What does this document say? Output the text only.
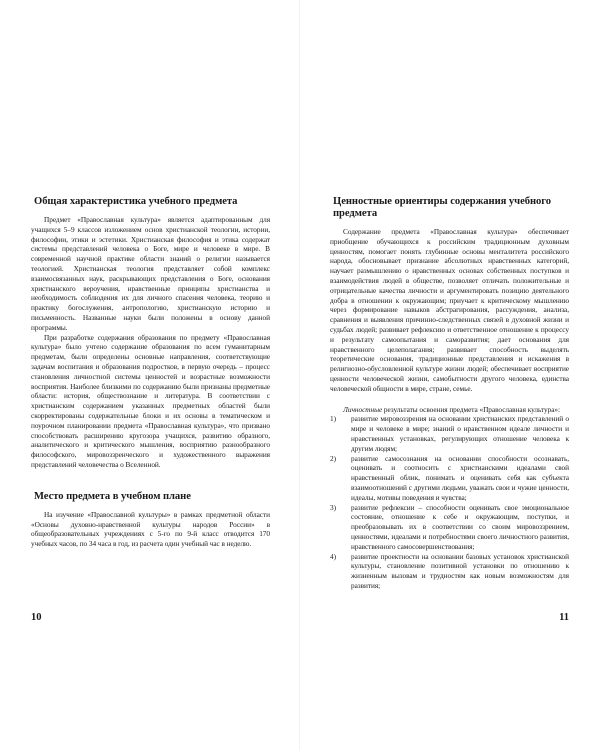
Общая характеристика учебного предмета

Предмет «Православная культура» является адаптированным для учащихся 5–9 классов изложением основ христианской теологии, истории, философии, этики и эстетики. Христианская философия и этика содержат системы представлений человека о Боге, мире и человеке в мире. В современной научной практике области знаний о религии называется теологией. Христианская теология представляет собой комплекс взаимосвязанных наук, раскрывающих представления о Боге, основания христианского вероучения, нравственные принципы христианства и необходимость соблюдения их для личного спасения человека, теорию и практику богослужения, антропологию, христианскую историю и письменность. Названные науки были положены в основу данной программы.

При разработке содержания образования по предмету «Православная культура» было учтено содержание образования по всем гуманитарным предметам, были определены основные направления, соответствующие задачам воспитания и образования подростков, в первую очередь – процесс становления личностной системы ценностей и возрастные возможности восприятия. Наиболее близкими по содержанию были признаны предметные области: история, обществознание и литература. В соответствии с христианским содержанием указанных предметных областей были скорректированы содержательные блоки и их основы в тематическом и поурочном планировании предмета «Православная культура», что призвано способствовать расширению кругозора учащихся, развитию образного, аналитического и критического мышления, восприятию разнообразного философского, мировоззренческого и художественного выражения представлений человечества о Вселенной.

Место предмета в учебном плане

На изучение «Православной культуры» в рамках предметной области «Основы духовно-нравственной культуры народов России» в общеобразовательных учреждениях с 5-го по 9-й класс отводится 170 учебных часов, по 34 часа в год, из расчета один учебный час в неделю.

10
Ценностные ориентиры содержания учебного предмета

Содержание предмета «Православная культура» обеспечивает приобщение обучающихся к российским традиционным духовным ценностям, помогает понять глубинные основы менталитета российского народа, обосновывает признание абсолютных нравственных категорий, научает размышлению о нравственных основах собственных поступков и взаимодействия людей в обществе, позволяет отличать положительные и отрицательные качества личности и аргументировать позицию деятельного добра в отношении к окружающим; приучает к критическому мышлению через формирование навыков абстрагирования, рассуждения, анализа, сравнения и выявления причинно-следственных связей в духовной жизни и судьбах людей; развивает рефлексию и ответственное отношение к процессу и результату самоопытания и саморазвития; дает основания для нравственного целеполагания; развивает способность выделять теоретические основания, традиционные представления и искажения в религиозно-обусловленной культуре жизни людей; обеспечивает восприятие ценности человеческой жизни, самобытности другого человека, единства человеческой общности в мире, стране, семье.

Личностные результаты освоения предмета «Православная культура»:

1) развитие мировоззрения на основании христианских представлений о мире и человеке в мире; знаний о нравственном идеале личности и нравственных установках, регулирующих отношение человека к другим людям;
2) развитие самосознания на основании способности осознавать, оценивать и соотносить с христианскими идеалами свой нравственный облик, понимать и оценивать себя как субъекта взаимоотношений с другими людьми, уважать свои и чужие ценности, идеалы, мотивы поведения и чувства;
3) развитие рефлексии – способности оценивать свое эмоциональное состояние, отношение к себе и окружающим, поступки, и преобразовывать их в соответствии со своим мировоззрением, ценностями, идеалами и потребностями своего личностного развития, нравственного самосовершенствования;
4) развитие проектности на основании базовых установок христианской культуры, становление позитивной установки по отношению к жизненным вызовам и трудностям как новым возможностям для развития;
11
